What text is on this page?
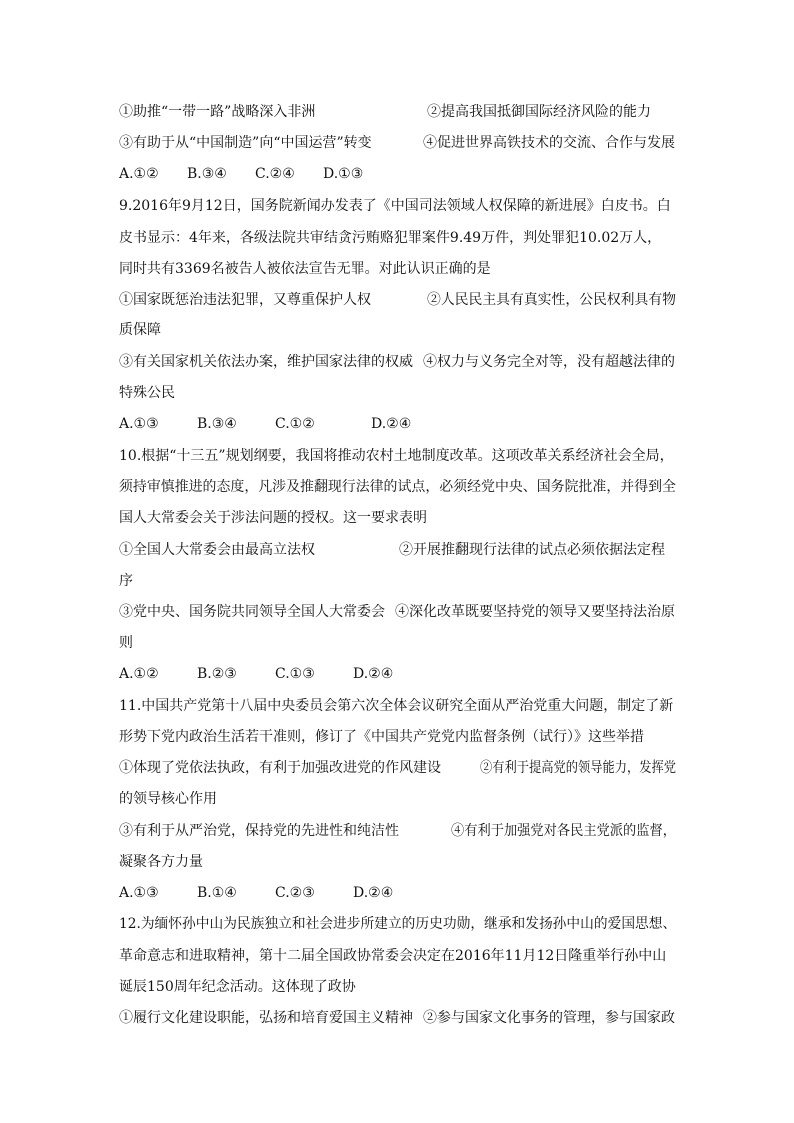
①助推“一带一路”战略深入非洲	②提高我国抵御国际经济风险的能力
③有助于从“中国制造”向“中国运营”转变	④促进世界高铁技术的交流、合作与发展
A.①② B.③④ C.②④ D.①③
9.2016年9月12日，国务院新闻办发表了《中国司法领域人权保障的新进展》白皮书。白
皮书显示：4年来，各级法院共审结贪污贿赂犯罪案件9.49万件，判处罪犯10.02万人，
同时共有3369名被告人被依法宣告无罪。对此认识正确的是
①国家既惩治违法犯罪，又尊重保护人权	②人民民主具有真实性，公民权利具有物
质保障
③有关国家机关依法办案，维护国家法律的权威 ④权力与义务完全对等，没有超越法律的
特殊公民
A.①③	B.③④	C.①②	D.②④
10.根据“十三五”规划纲要，我国将推动农村土地制度改革。这项改革关系经济社会全局，
须持审慎推进的态度，凡涉及推翻现行法律的试点，必须经党中央、国务院批准，并得到全
国人大常委会关于涉法问题的授权。这一要求表明
①全国人大常委会由最高立法权	②开展推翻现行法律的试点必须依据法定程
序
③党中央、国务院共同领导全国人大常委会 ④深化改革既要坚持党的领导又要坚持法治原
则
A.①②	B.②③	C.①③	D.②④
11.中国共产党第十八届中央委员会第六次全体会议研究全面从严治党重大问题，制定了新
形势下党内政治生活若干准则，修订了《中国共产党党内监督条例（试行）》这些举措
①体现了党依法执政，有利于加强改进党的作风建设	②有利于提高党的领导能力，发挥党
的领导核心作用
③有利于从严治党，保持党的先进性和纯洁性	④有利于加强党对各民主党派的监督，
凝聚各方力量
A.①③	B.①④	C.②③	D.②④
12.为缅怀孙中山为民族独立和社会进步所建立的历史功勋，继承和发扬孙中山的爱国思想、
革命意志和进取精神，第十二届全国政协常委会决定在2016年11月12日隆重举行孙中山
诞辰150周年纪念活动。这体现了政协
①履行文化建设职能，弘扬和培育爱国主义精神 ②参与国家文化事务的管理，参与国家政
